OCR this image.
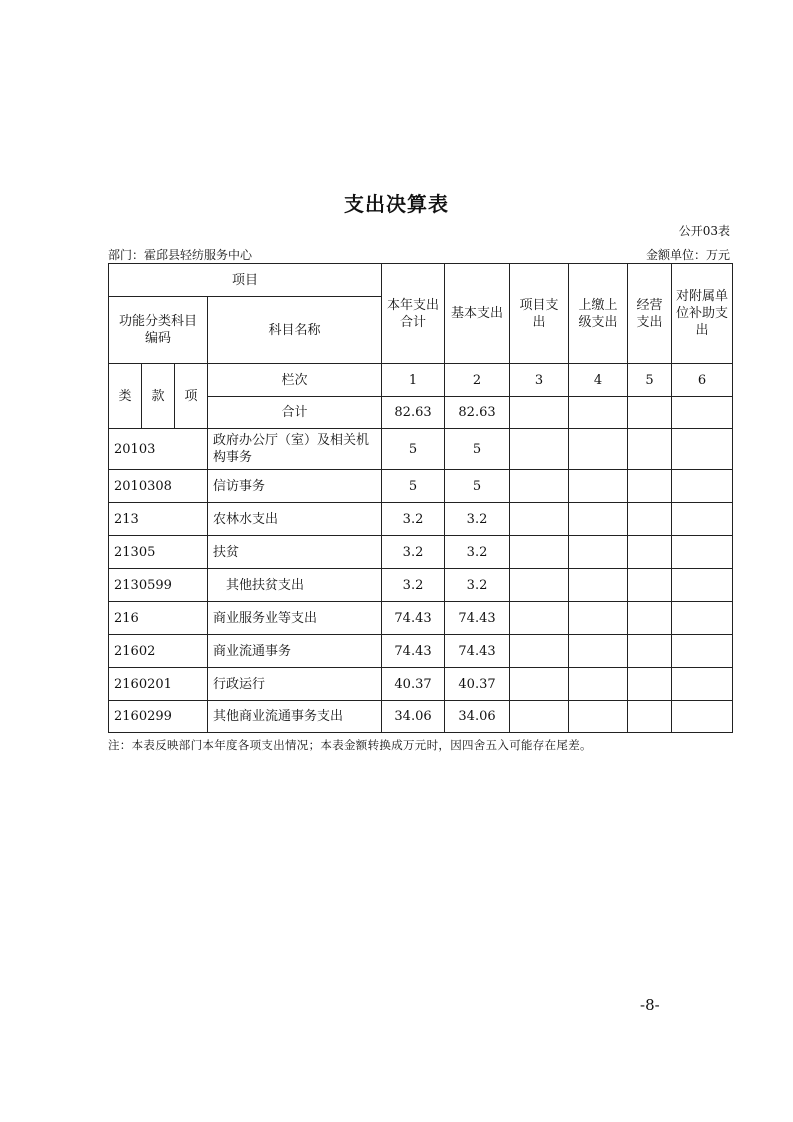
支出决算表
公开03表
部门：霍邱县轻纺服务中心	金额单位：万元
项目				本年支出合计	基本支出	项目支出	上缴上级支出	经营支出	对附属单位补助支出
功能分类科目编码			科目名称						
类	款	项	栏次	1	2	3	4	5	6
			合计	82.63	82.63				
20103			政府办公厅（室）及相关机构事务	5	5				
2010308			信访事务	5	5				
213			农林水支出	3.2	3.2				
21305			扶贫	3.2	3.2				
2130599			其他扶贫支出	3.2	3.2				
216			商业服务业等支出	74.43	74.43				
21602			商业流通事务	74.43	74.43				
2160201			行政运行	40.37	40.37				
2160299			其他商业流通事务支出	34.06	34.06				
注：本表反映部门本年度各项支出情况；本表金额转换成万元时，因四舍五入可能存在尾差。
-8-
